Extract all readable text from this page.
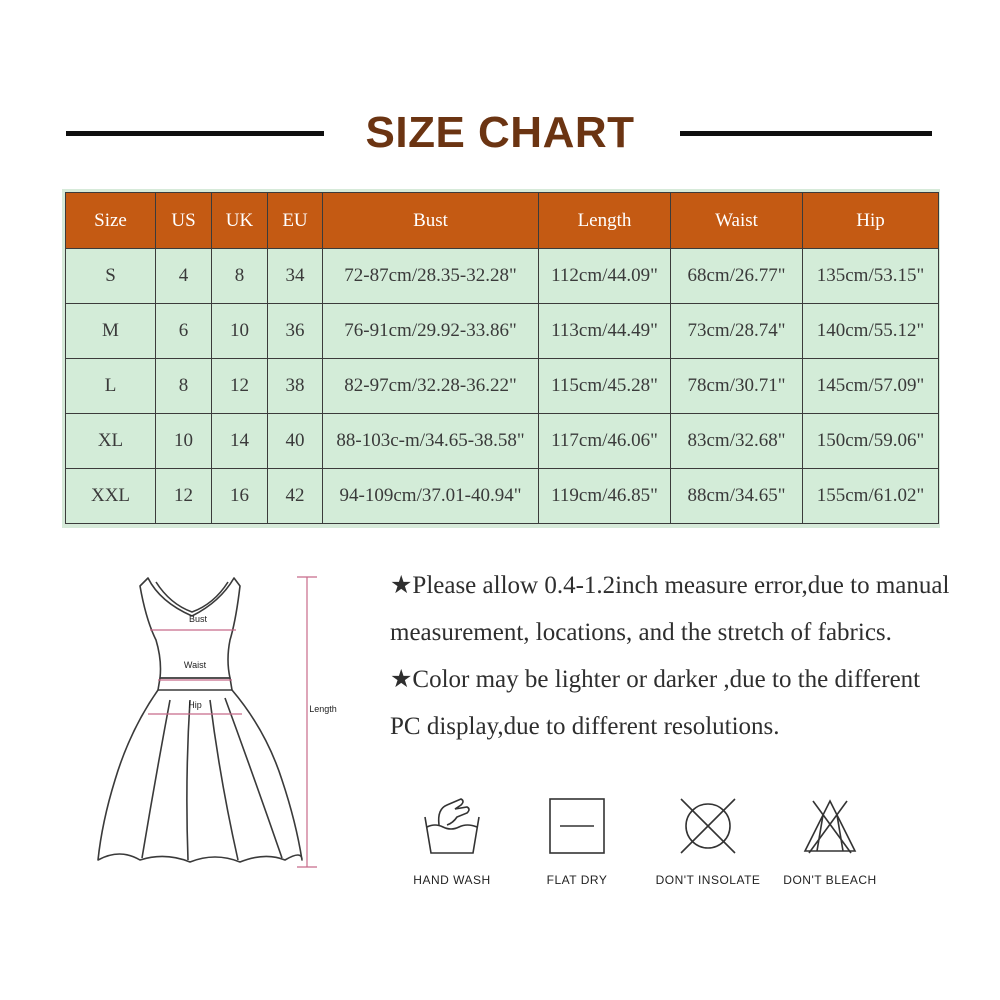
SIZE CHART
Size	US	UK	EU	Bust	Length	Waist	Hip
S	4	8	34	72-87cm/28.35-32.28"	112cm/44.09"	68cm/26.77"	135cm/53.15"
M	6	10	36	76-91cm/29.92-33.86"	113cm/44.49"	73cm/28.74"	140cm/55.12"
L	8	12	38	82-97cm/32.28-36.22"	115cm/45.28"	78cm/30.71"	145cm/57.09"
XL	10	14	40	88-103c-m/34.65-38.58"	117cm/46.06"	83cm/32.68"	150cm/59.06"
XXL	12	16	42	94-109cm/37.01-40.94"	119cm/46.85"	88cm/34.65"	155cm/61.02"
Bust
Waist
Hip	Length

★Please allow 0.4-1.2inch measure error,due to manual measurement, locations, and the stretch of fabrics.

★Color may be lighter or darker ,due to the different PC display,due to different resolutions.

HAND WASH	FLAT DRY	DON'T INSOLATE	DON'T BLEACH
